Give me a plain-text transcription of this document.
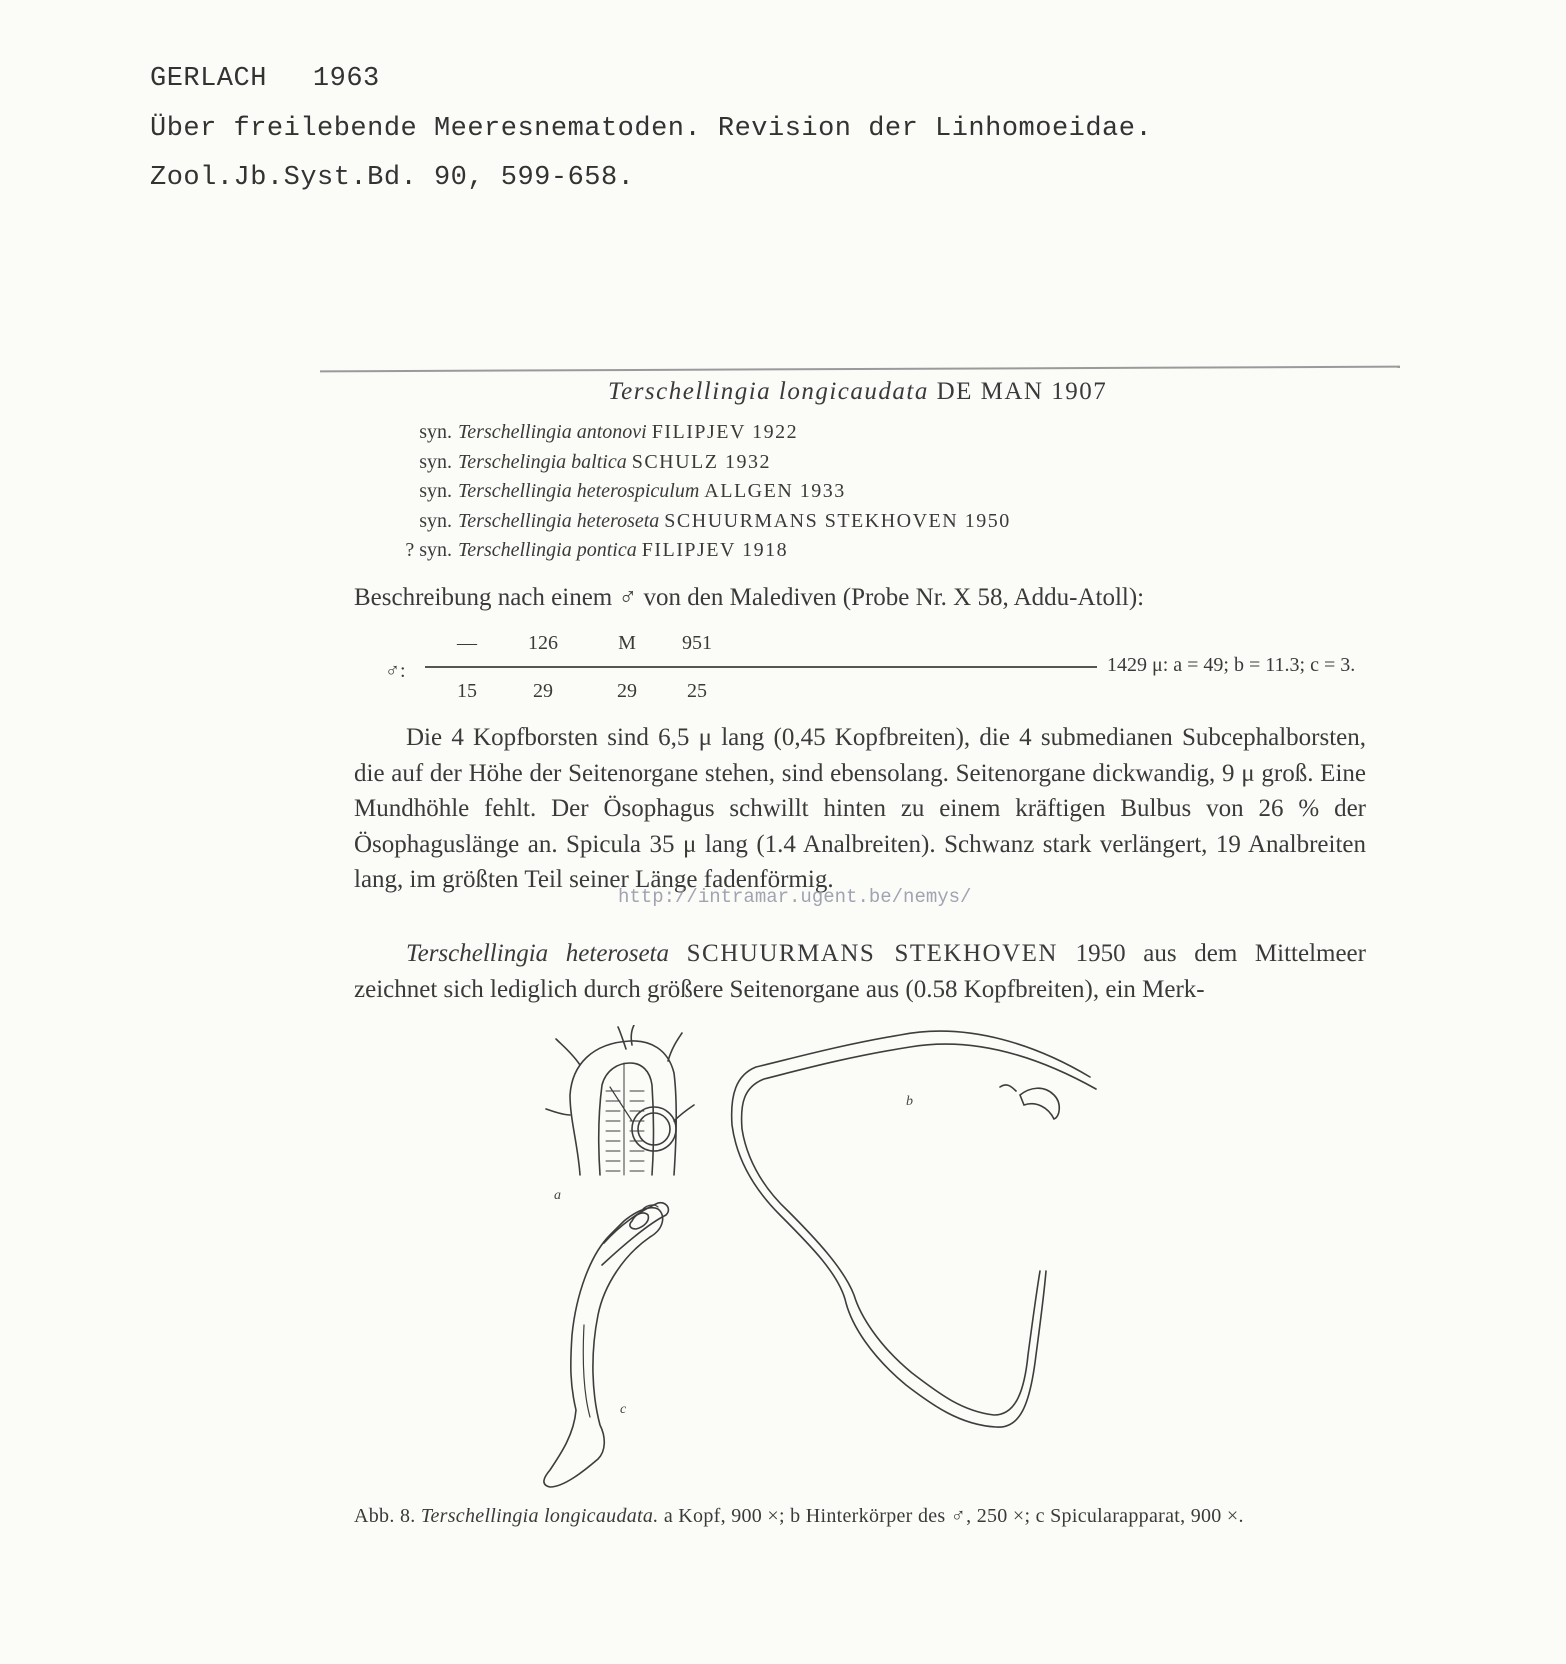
GERLACH 1963
Über freilebende Meeresnematoden. Revision der Linhomoeidae.
Zool.Jb.Syst.Bd. 90, 599-658.
Terschellingia longicaudata DE MAN 1907
syn. Terschellingia antonovi FILIPJEV 1922
syn. Terschelingia baltica SCHULZ 1932
syn. Terschellingia heterospiculum ALLGEN 1933
syn. Terschellingia heteroseta SCHUURMANS STEKHOVEN 1950
? syn. Terschellingia pontica FILIPJEV 1918
Beschreibung nach einem ♂ von den Malediven (Probe Nr. X 58, Addu-Atoll):
♂:
—	126	M	951
15	29	29	25
1429 μ: a = 49; b = 11.3; c = 3.
Die 4 Kopfborsten sind 6,5 μ lang (0,45 Kopfbreiten), die 4 submedianen Subcephalborsten, die auf der Höhe der Seitenorgane stehen, sind ebensolang. Seitenorgane dickwandig, 9 μ groß. Eine Mundhöhle fehlt. Der Ösophagus schwillt hinten zu einem kräftigen Bulbus von 26 % der Ösophaguslänge an. Spicula 35 μ lang (1.4 Analbreiten). Schwanz stark verlängert, 19 Analbreiten lang, im größten Teil seiner Länge fadenförmig.
Terschellingia heteroseta SCHUURMANS STEKHOVEN 1950 aus dem Mittelmeer zeichnet sich lediglich durch größere Seitenorgane aus (0.58 Kopfbreiten), ein Merk-
http://intramar.ugent.be/nemys/
a
b
c
Abb. 8. Terschellingia longicaudata. a Kopf, 900 ×; b Hinterkörper des ♂, 250 ×; c Spicularapparat, 900 ×.
